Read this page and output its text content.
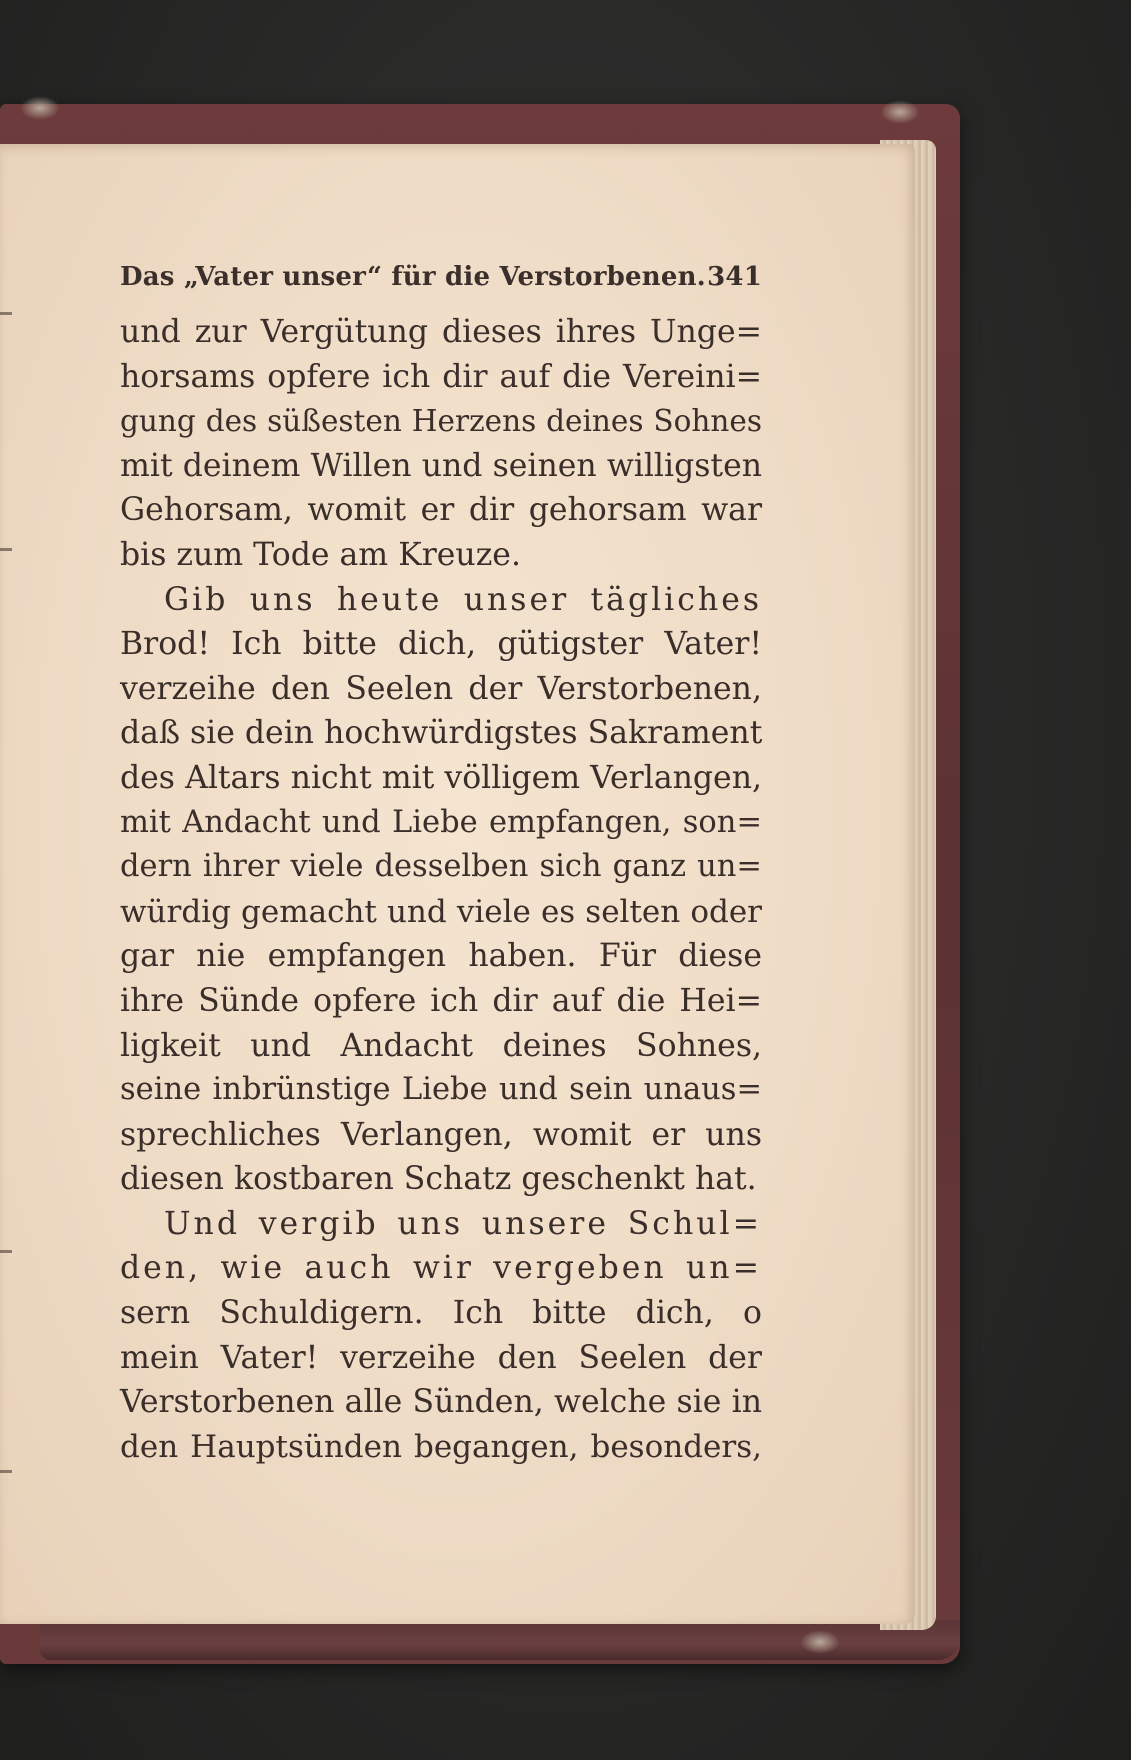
Das „Vater unser“ für die Verstorbenen. 341
und zur Vergütung dieses ihres Unge=
horsams opfere ich dir auf die Vereini=
gung des süßesten Herzens deines Sohnes
mit deinem Willen und seinen willigsten
Gehorsam, womit er dir gehorsam war
bis zum Tode am Kreuze.
Gib uns heute unser tägliches
Brod! Ich bitte dich, gütigster Vater!
verzeihe den Seelen der Verstorbenen,
daß sie dein hochwürdigstes Sakrament
des Altars nicht mit völligem Verlangen,
mit Andacht und Liebe empfangen, son=
dern ihrer viele desselben sich ganz un=
würdig gemacht und viele es selten oder
gar nie empfangen haben. Für diese
ihre Sünde opfere ich dir auf die Hei=
ligkeit und Andacht deines Sohnes,
seine inbrünstige Liebe und sein unaus=
sprechliches Verlangen, womit er uns
diesen kostbaren Schatz geschenkt hat.
Und vergib uns unsere Schul=
den, wie auch wir vergeben un=
sern Schuldigern. Ich bitte dich, o
mein Vater! verzeihe den Seelen der
Verstorbenen alle Sünden, welche sie in
den Hauptsünden begangen, besonders,
